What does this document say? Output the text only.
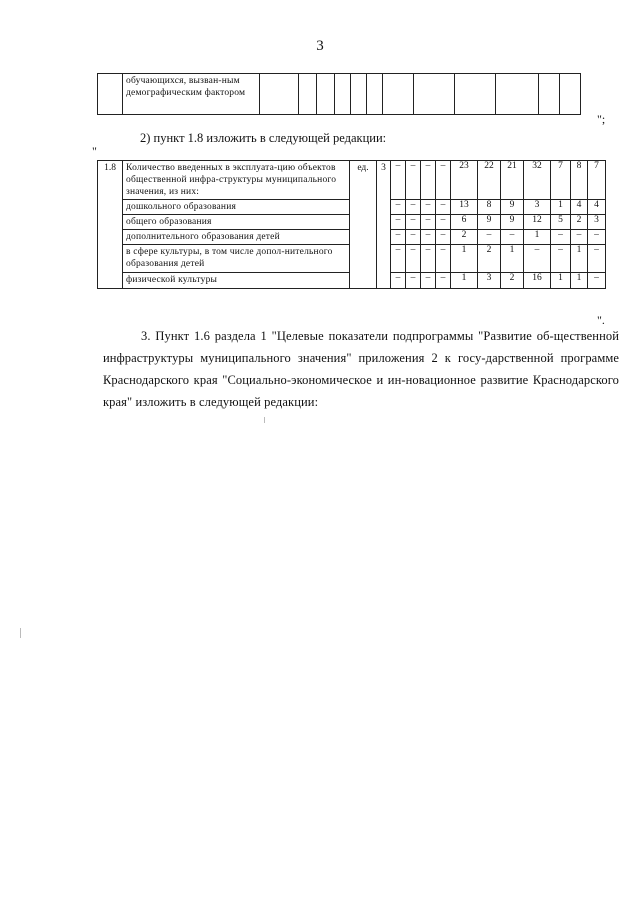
3

обучающихся, вызван-ным демографическим фактором

";
2) пункт 1.8 изложить в следующей редакции:
"
1.8	Количество введенных в эксплуата-цию объектов общественной инфра-структуры муниципального значения, из них:	ед.	3	–	–	–	–	23	22	21	32	7	8	7

	дошкольного образования			–	–	–	–	13	8	9	3	1	4	4

	общего образования			–	–	–	–	6	9	9	12	5	2	3

	дополнительного образования детей			–	–	–	–	2	–	–	1	–	–	–

	в сфере культуры, в том числе допол-нительного образования детей			–	–	–	–	1	2	1	–	–	1	–

	физической культуры			–	–	–	–	1	3	2	16	1	1	–
".
3. Пункт 1.6 раздела 1 "Целевые показатели подпрограммы "Развитие об-щественной инфраструктуры муниципального значения" приложения 2 к госу-дарственной программе Краснодарского края "Социально-экономическое и ин-новационное развитие Краснодарского края" изложить в следующей редакции:
